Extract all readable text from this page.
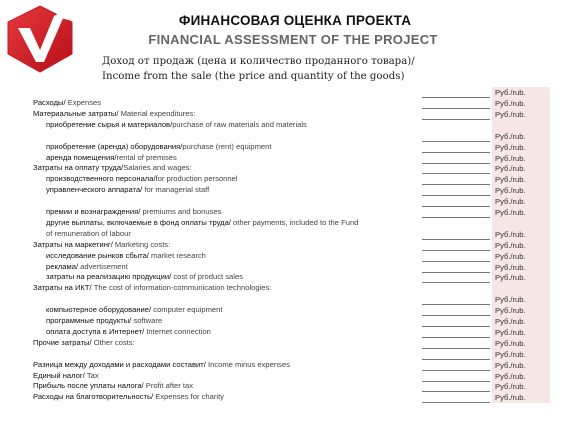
ФИНАНСОВАЯ ОЦЕНКА ПРОЕКТА
FINANCIAL ASSESSMENT OF THE PROJECT
Доход от продаж (цена и количество проданного товара)/
Income from the sale (the price and quantity of the goods)
Руб./rub.
Расходы/ Expenses	Руб./rub.
Материальные затраты/ Material expenditures:	Руб./rub.
приобретение сырья и материалов/purchase of raw materials and materials
Руб./rub.
приобретение (аренда) оборудования/purchase (rent) equipment	Руб./rub.
аренда помещения/rental of premises	Руб./rub.
Затраты на оплату труда/Salaries and wages:	Руб./rub.
производственного персонала/for production personnel	Руб./rub.
управленческого аппарата/ for managerial staff	Руб./rub.
Руб./rub.
премии и вознаграждения/ premiums and bonuses	Руб./rub.
другие выплаты, включаемые в фонд оплаты труда/ other payments, included to the Fund
of remuneration of labour	Руб./rub.
Затраты на маркетинг/ Marketing costs:	Руб./rub.
исследование рынков сбыта/ market research	Руб./rub.
реклама/ advertisement	Руб./rub.
затраты на реализацию продукции/ cost of product sales	Руб./rub.
Затраты на ИКТ/ The cost of information-communication technologies:
Руб./rub.
компьютерное оборудование/ computer equipment	Руб./rub.
программные продукты/ software	Руб./rub.
оплата доступа в Интернет/ Internet connection	Руб./rub.
Прочие затраты/ Other costs:	Руб./rub.
Руб./rub.
Разница между доходами и расходами составит/ Income minus expenses	Руб./rub.
Единый налог/ Tax	Руб./rub.
Прибыль после уплаты налога/ Profit after tax	Руб./rub.
Расходы на благотворительность/ Expenses for charity	Руб./rub.
